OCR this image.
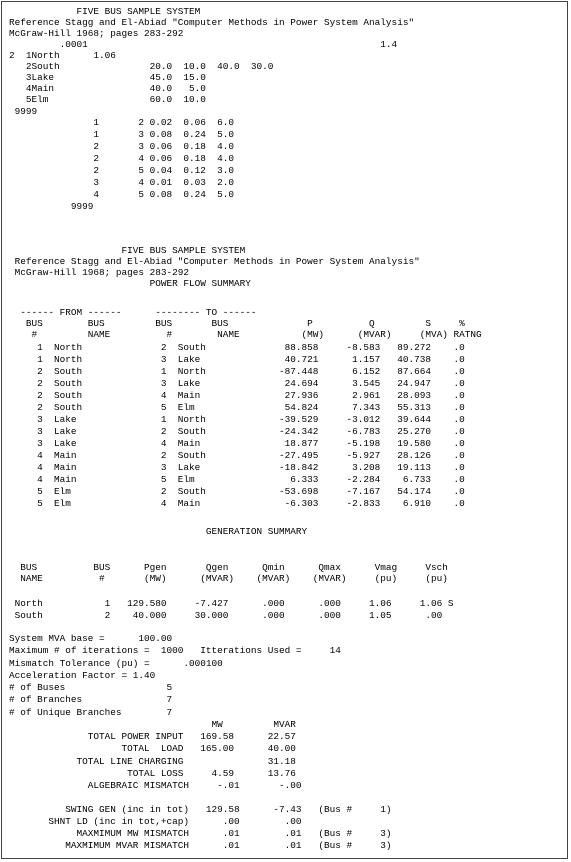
FIVE BUS SAMPLE SYSTEM

Reference Stagg and El-Abiad "Computer Methods in Power System Analysis"

McGraw-Hill 1968; pages 283-292

.0001                                                    1.4

2  1North      1.06

2South                20.0  10.0  40.0  30.0

3Lake                 45.0  15.0

4Main                 40.0   5.0

5Elm                  60.0  10.0

9999

1       2 0.02  0.06  6.0

1       3 0.08  0.24  5.0

2       3 0.06  0.18  4.0

2       4 0.06  0.18  4.0

2       5 0.04  0.12  3.0

3       4 0.01  0.03  2.0

4       5 0.08  0.24  5.0

9999

FIVE BUS SAMPLE SYSTEM

Reference Stagg and El-Abiad "Computer Methods in Power System Analysis"

McGraw-Hill 1968; pages 283-292

POWER FLOW SUMMARY

------ FROM ------      -------- TO ------

BUS        BUS         BUS       BUS              P          Q         S     %

#         NAME          #        NAME           (MW)      (MVAR)     (MVA) RATNG

1  North              2  South              88.858     -8.583   89.272    .0

1  North              3  Lake               40.721      1.157   40.738    .0

2  South              1  North             -87.448      6.152   87.664    .0

2  South              3  Lake               24.694      3.545   24.947    .0

2  South              4  Main               27.936      2.961   28.093    .0

2  South              5  Elm                54.824      7.343   55.313    .0

3  Lake               1  North             -39.529     -3.012   39.644    .0

3  Lake               2  South             -24.342     -6.783   25.270    .0

3  Lake               4  Main               18.877     -5.198   19.580    .0

4  Main               2  South             -27.495     -5.927   28.126    .0

4  Main               3  Lake              -18.842      3.208   19.113    .0

4  Main               5  Elm                 6.333     -2.284    6.733    .0

5  Elm                2  South             -53.698     -7.167   54.174    .0

5  Elm                4  Main               -6.303     -2.833    6.910    .0

GENERATION SUMMARY

BUS          BUS      Pgen       Qgen      Qmin      Qmax      Vmag     Vsch

NAME          #       (MW)      (MVAR)    (MVAR)    (MVAR)     (pu)     (pu)

North           1   129.580     -7.427      .000      .000     1.06     1.06 S

South           2    40.000     30.000      .000      .000     1.05      .00

System MVA base =      100.00

Maximum # of iterations =  1000   Itterations Used =     14

Mismatch Tolerance (pu) =      .000100

Acceleration Factor = 1.40

# of Buses                  5

# of Branches               7

# of Unique Branches        7

MW         MVAR

TOTAL POWER INPUT   169.58      22.57

TOTAL  LOAD   165.00      40.00

TOTAL LINE CHARGING               31.18

TOTAL LOSS     4.59      13.76

ALGEBRAIC MISMATCH     -.01       -.00

SWING GEN (inc in tot)   129.58      -7.43   (Bus #     1)

SHNT LD (inc in tot,+cap)      .00        .00

MAXMIMUM MW MISMATCH      .01        .01   (Bus #     3)

MAXMIMUM MVAR MISMATCH      .01        .01   (Bus #     3)
